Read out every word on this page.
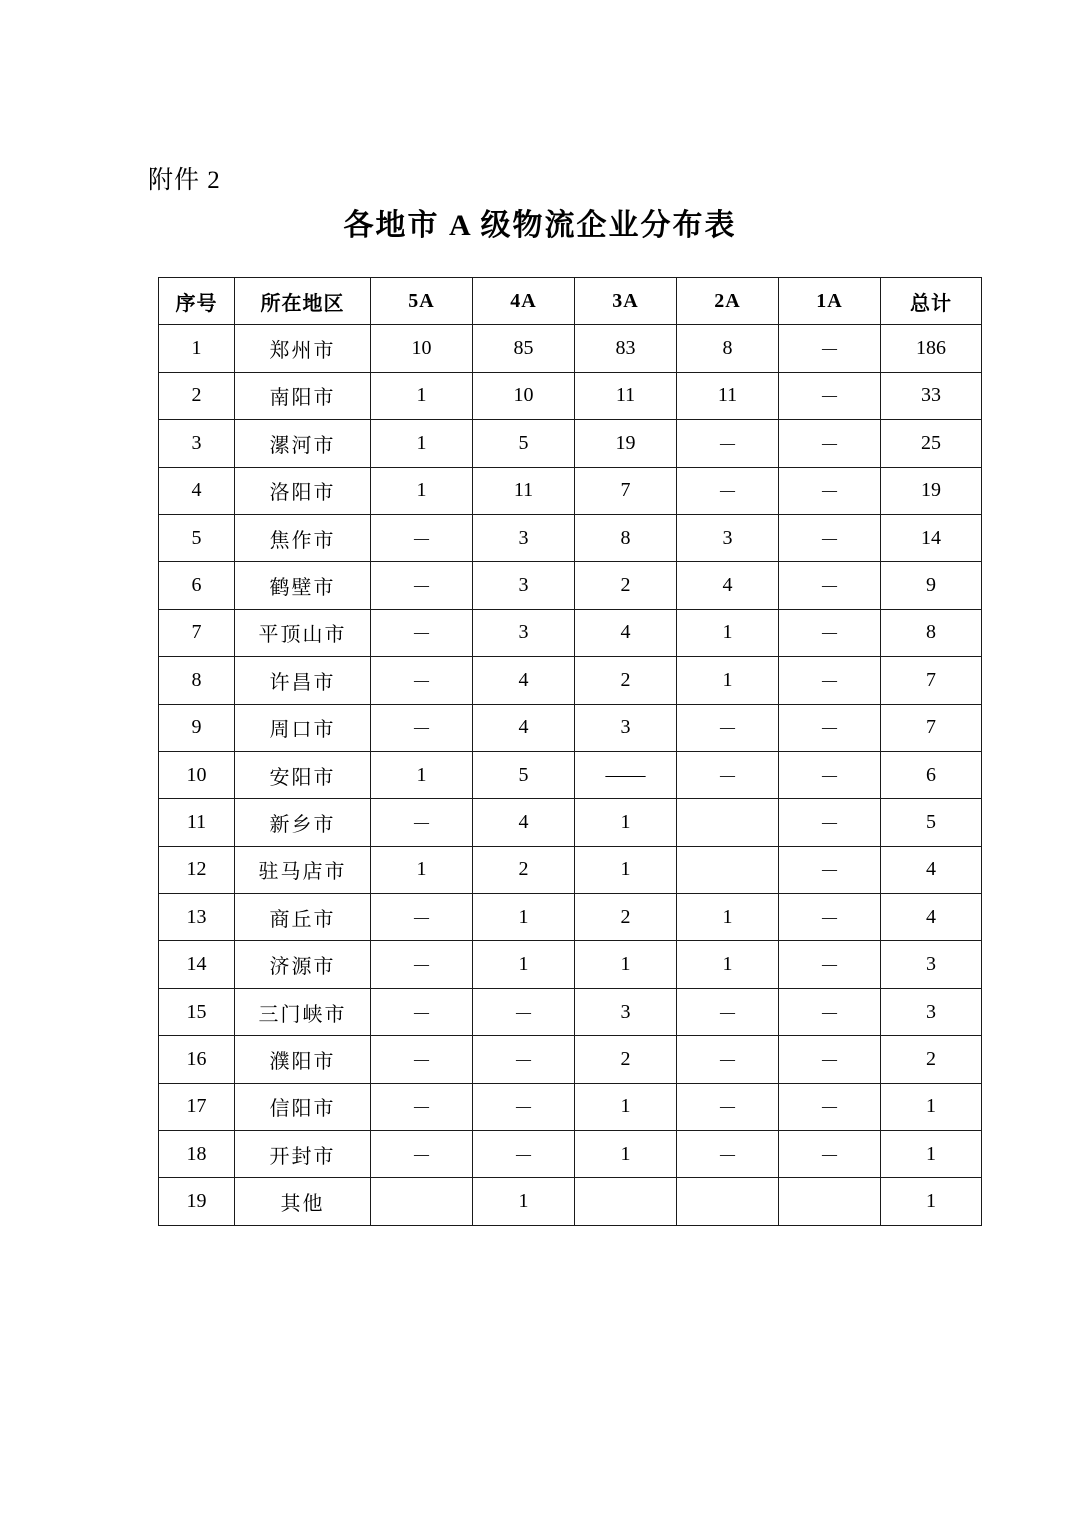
附件 2
各地市 A 级物流企业分布表
序号	所在地区	5A	4A	3A	2A	1A	总计
1	郑州市	10	85	83	8	－	186
2	南阳市	1	10	11	11	－	33
3	漯河市	1	5	19	－	－	25
4	洛阳市	1	11	7	－	－	19
5	焦作市	－	3	8	3	－	14
6	鹤壁市	－	3	2	4	－	9
7	平顶山市	－	3	4	1	－	8
8	许昌市	－	4	2	1	－	7
9	周口市	－	4	3	－	－	7
10	安阳市	1	5	——	－	－	6
11	新乡市	－	4	1		－	5
12	驻马店市	1	2	1		－	4
13	商丘市	－	1	2	1	－	4
14	济源市	－	1	1	1	－	3
15	三门峡市	－	－	3	－	－	3
16	濮阳市	－	－	2	－	－	2
17	信阳市	－	－	1	－	－	1
18	开封市	－	－	1	－	－	1
19	其他		1				1
